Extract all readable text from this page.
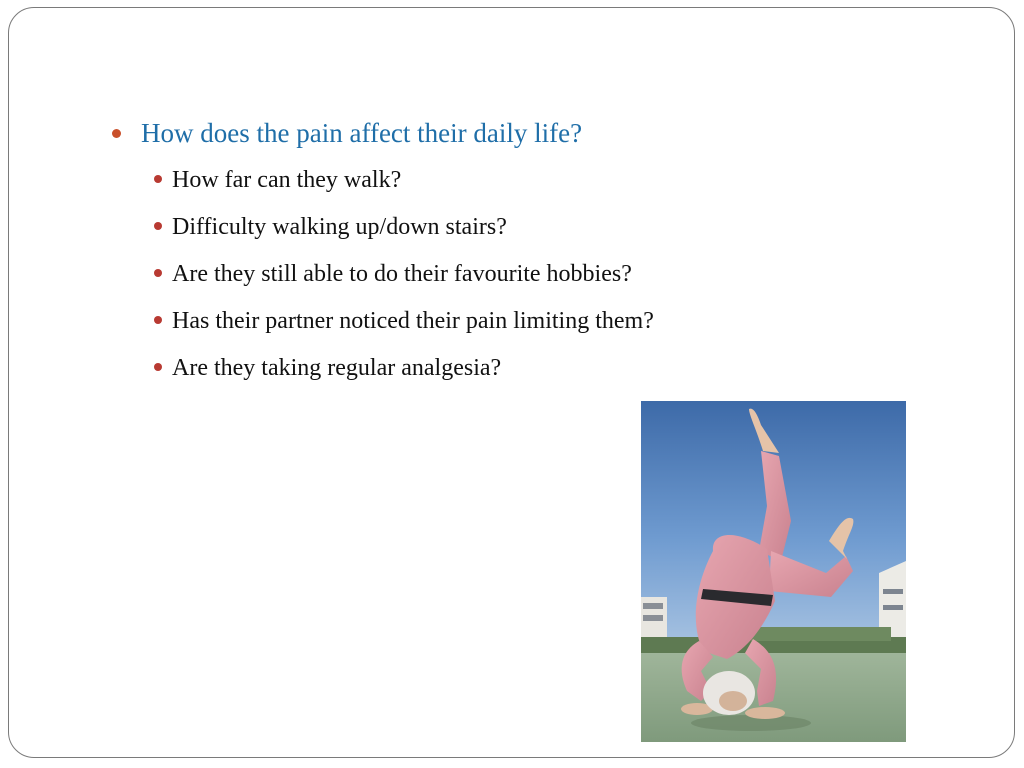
How does the pain affect their daily life?
How far can they walk?
Difficulty walking up/down stairs?
Are they still able to do their favourite hobbies?
Has their partner noticed their pain limiting them?
Are they taking regular analgesia?
